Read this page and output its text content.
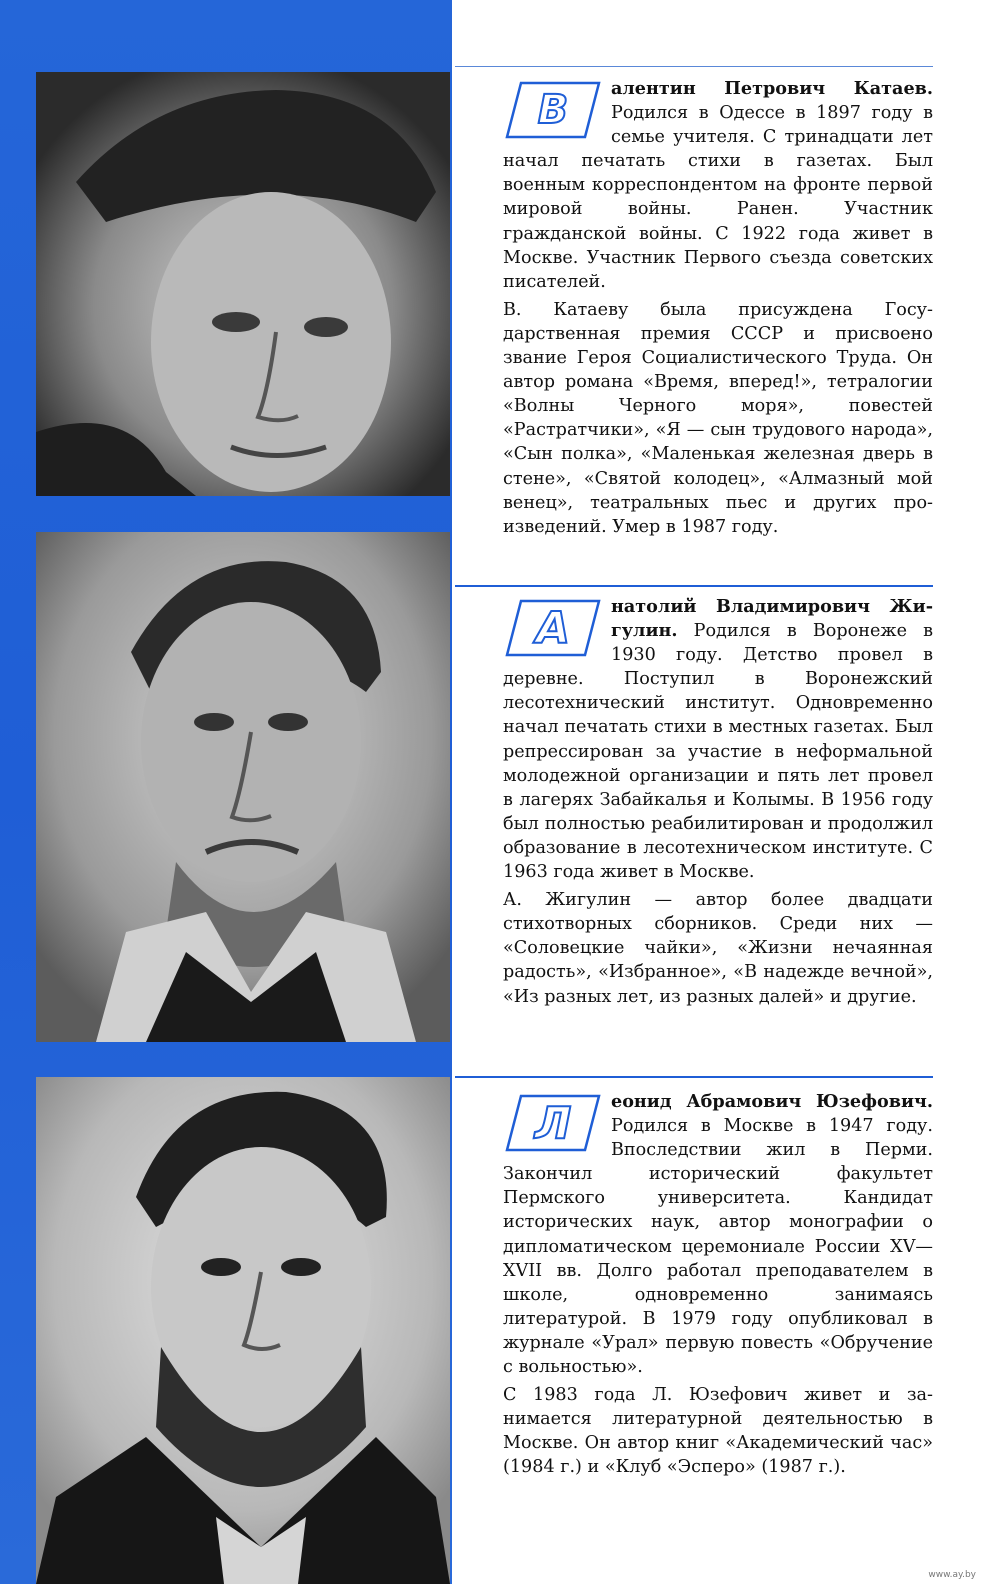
В	алентин Петрович Катаев. Родился в Одессе в 1897 году в семье учителя. С тринадцати лет начал печатать стихи в газетах. Был военным корреспондентом на фронте первой мировой войны. Ранен. Участник гражданской войны. С 1922 года живет в Москве. Участник Первого съезда советских писателей.

В. Катаеву была присуждена Государственная премия СССР и присвоено звание Героя Социалистического Труда. Он автор романа «Время, вперед!», тетралогии «Волны Черного моря», повестей «Растратчики», «Я — сын трудового народа», «Сын полка», «Маленькая железная дверь в стене», «Святой колодец», «Алмазный мой венец», театральных пьес и других произведений. Умер в 1987 году.

А	натолий Владимирович Жигулин. Родился в Воронеже в 1930 году. Детство провел в деревне. Поступил в Воронежский лесотехнический институт. Одновременно начал печатать стихи в местных газетах. Был репрессирован за участие в неформальной молодежной организации и пять лет провел в лагерях Забайкалья и Колымы. В 1956 году был полностью реабилитирован и продолжил образование в лесотехническом институте. С 1963 года живет в Москве.

А. Жигулин — автор более двадцати стихотворных сборников. Среди них — «Соловецкие чайки», «Жизни нечаянная радость», «Избранное», «В надежде вечной», «Из разных лет, из разных далей» и другие.

Л	еонид Абрамович Юзефович. Родился в Москве в 1947 году. Впоследствии жил в Перми. Закончил исторический факультет Пермского университета. Кандидат исторических наук, автор монографии о дипломатическом церемониале России XV—XVII вв. Долго работал преподавателем в школе, одновременно занимаясь литературой. В 1979 году опубликовал в журнале «Урал» первую повесть «Обручение с вольностью».

С 1983 года Л. Юзефович живет и занимается литературной деятельностью в Москве. Он автор книг «Академический час» (1984 г.) и «Клуб «Эсперо» (1987 г.).

www.ay.by
